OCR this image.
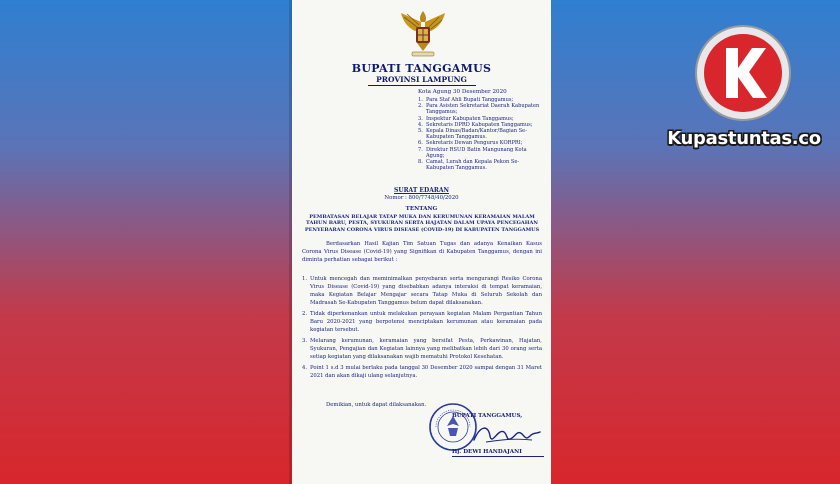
BUPATI TANGGAMUS
PROVINSI LAMPUNG
Kota Agung 30 Desember 2020
1. Para Staf Ahli Bupati Tanggamus;
2. Para Asisten Sekretariat Daerah Kabupaten Tanggamus;
3. Inspektur Kabupaten Tanggamus;
4. Sekretaris DPRD Kabupaten Tanggamus;
5. Kepala Dinas/Badan/Kantor/Bagian Se-Kabupaten Tanggamus.
6. Sekretaris Dewan Pengurus KORPRI;
7. Direktur RSUD Batin Mangunang Kota Agung;
8. Camat, Lurah dan Kepala Pekon Se-Kabupaten Tanggamus.
SURAT EDARAN
Nomor : 800/7748/40/2020
TENTANG
PEMBATASAN BELAJAR TATAP MUKA DAN KERUMUNAN KERAMAIAN MALAM TAHUN BARU, PESTA, SYUKURAN SERTA HAJATAN DALAM UPAYA PENCEGAHAN PENYEBARAN CORONA VIRUS DISEASE (COVID-19) DI KABUPATEN TANGGAMUS

Berdasarkan Hasil Kajian Tim Satuan Tugas dan adanya Kenaikan Kasus Corona Virus Disease (Covid-19) yang Signifikan di Kabupaten Tanggamus, dengan ini diminta perhatian sebagai berikut :

1. Untuk mencegah dan meminimalkan penyebaran serta mengurangi Resiko Corona Virus Disease (Covid-19) yang disebabkan adanya interaksi di tempat keramaian, maka Kegiatan Belajar Mengajar secara Tatap Muka di Seluruh Sekolah dan Madrasah Se-Kabupaten Tanggamus belum dapat dilaksanakan.
2. Tidak diperkenankan untuk melakukan perayaan kegiatan Malam Pergantian Tahun Baru 2020-2021 yang berpotensi menciptakan kerumunan atau keramaian pada kegiatan tersebut.
3. Melarang kerumunan, keramaian yang bersifat Pesta, Perkawinan, Hajatan, Syukuran, Pengajian dan Kegiatan lainnya yang melibatkan lebih dari 30 orang serta setiap kegiatan yang dilaksanakan wajib mematuhi Protokol Kesehatan.
4. Point 1 s.d 3 mulai berlaku pada tanggal 30 Desember 2020 sampai dengan 31 Maret 2021 dan akan dikaji ulang selanjutnya.
Demikian, untuk dapat dilaksanakan.
BUPATI TANGGAMUS,
Hj. DEWI HANDAJANI
Kupastuntas.co
